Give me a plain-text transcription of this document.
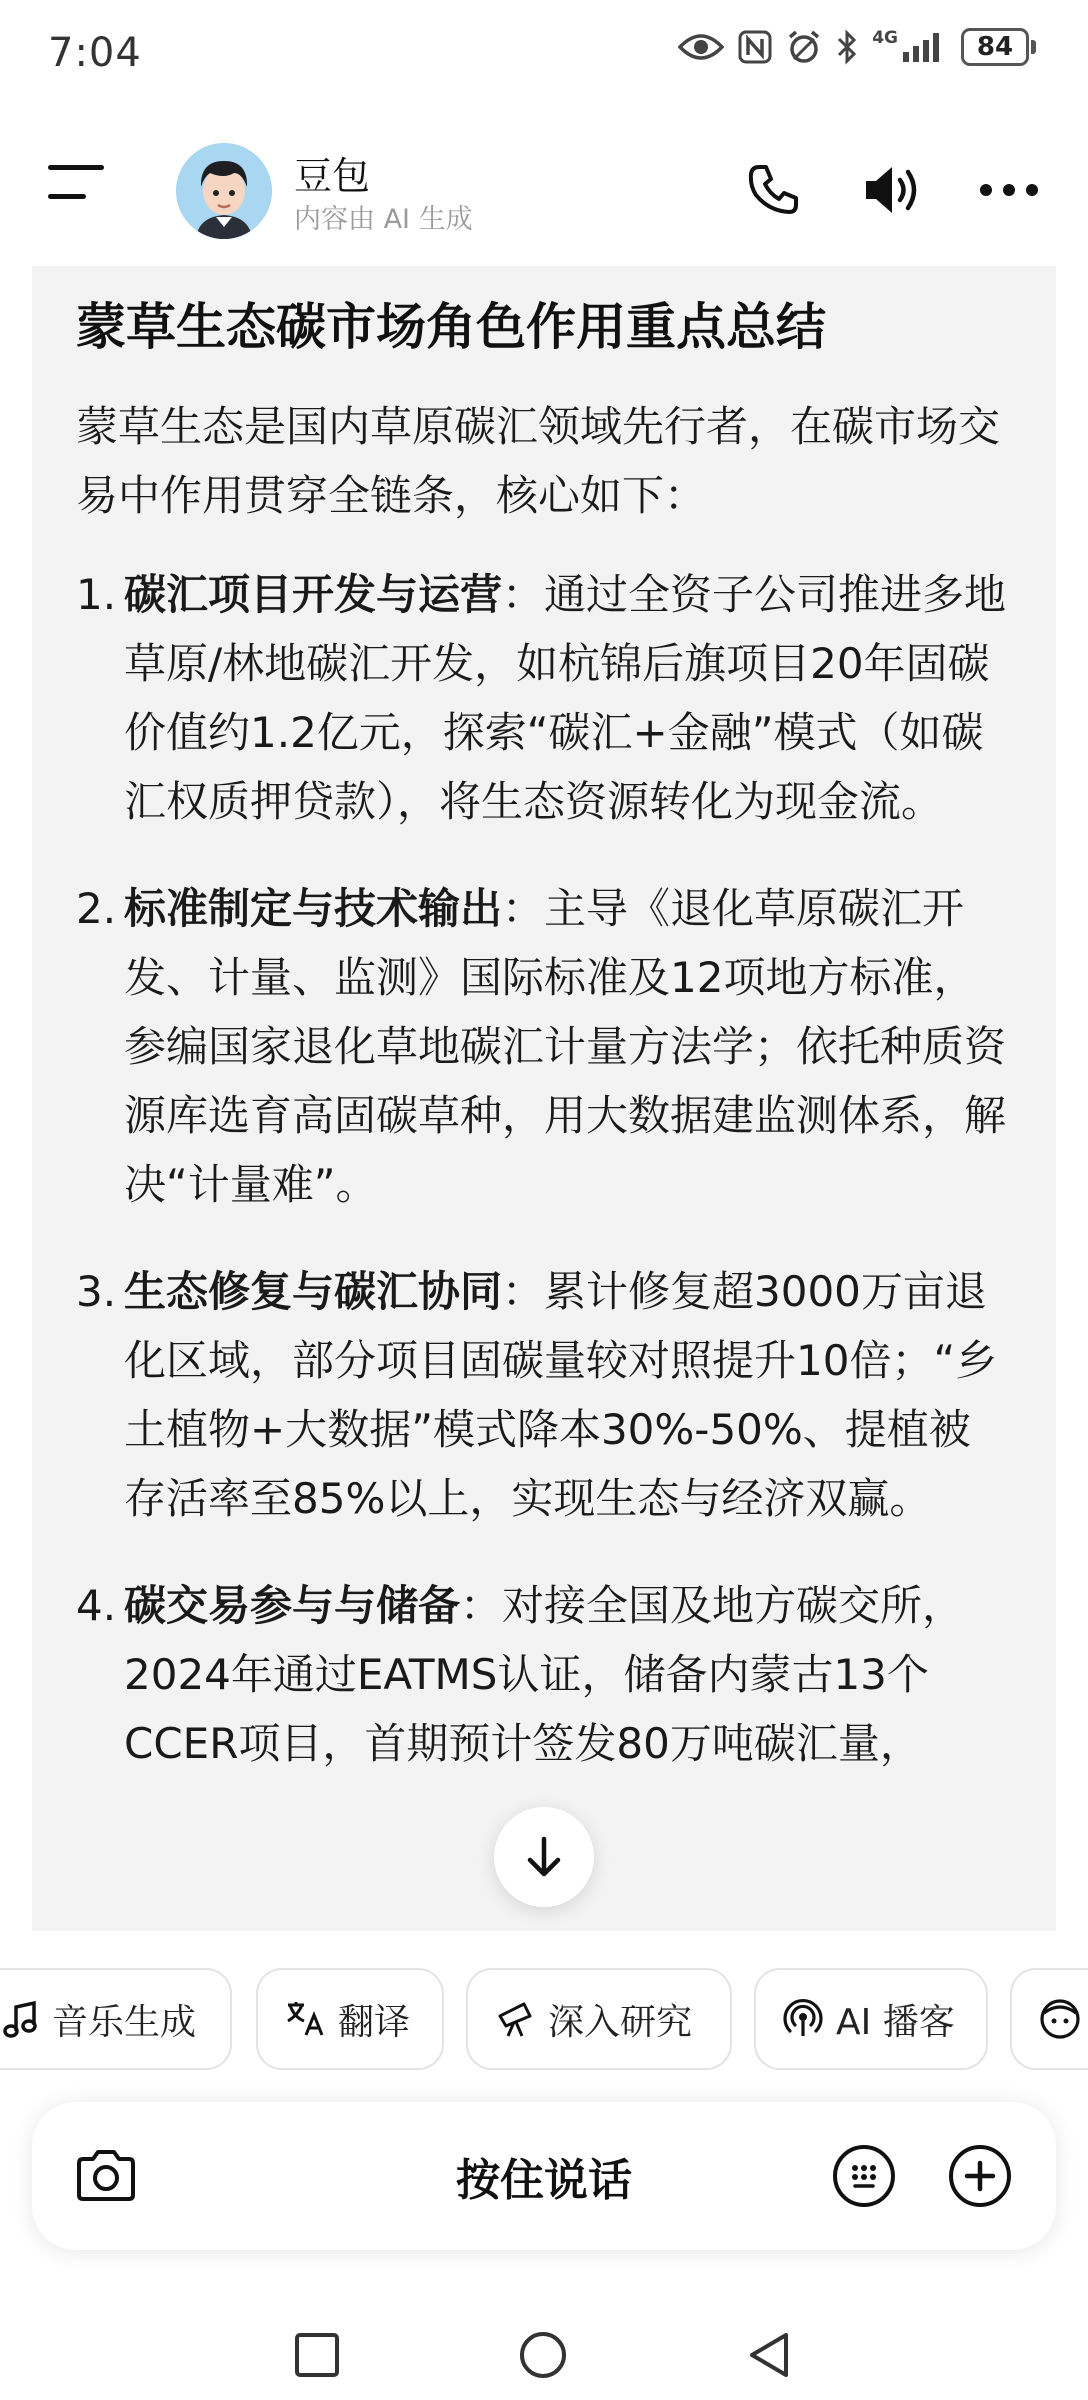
7:04	4G	84
豆包
内容由 AI 生成
蒙草生态碳市场角色作用重点总结
蒙草生态是国内草原碳汇领域先行者，在碳市场交易中作用贯穿全链条，核心如下：
1. 碳汇项目开发与运营：通过全资子公司推进多地草原/林地碳汇开发，如杭锦后旗项目20年固碳价值约1.2亿元，探索“碳汇+金融”模式（如碳汇权质押贷款），将生态资源转化为现金流。
2. 标准制定与技术输出：主导《退化草原碳汇开发、计量、监测》国际标准及12项地方标准，参编国家退化草地碳汇计量方法学；依托种质资源库选育高固碳草种，用大数据建监测体系，解决“计量难”。
3. 生态修复与碳汇协同：累计修复超3000万亩退化区域，部分项目固碳量较对照提升10倍；“乡土植物+大数据”模式降本30%-50%、提植被存活率至85%以上，实现生态与经济双赢。
4. 碳交易参与与储备：对接全国及地方碳交所，2024年通过EATMS认证，储备内蒙古13个CCER项目，首期预计签发80万吨碳汇量，
音乐生成	翻译	深入研究	AI 播客
按住说话
